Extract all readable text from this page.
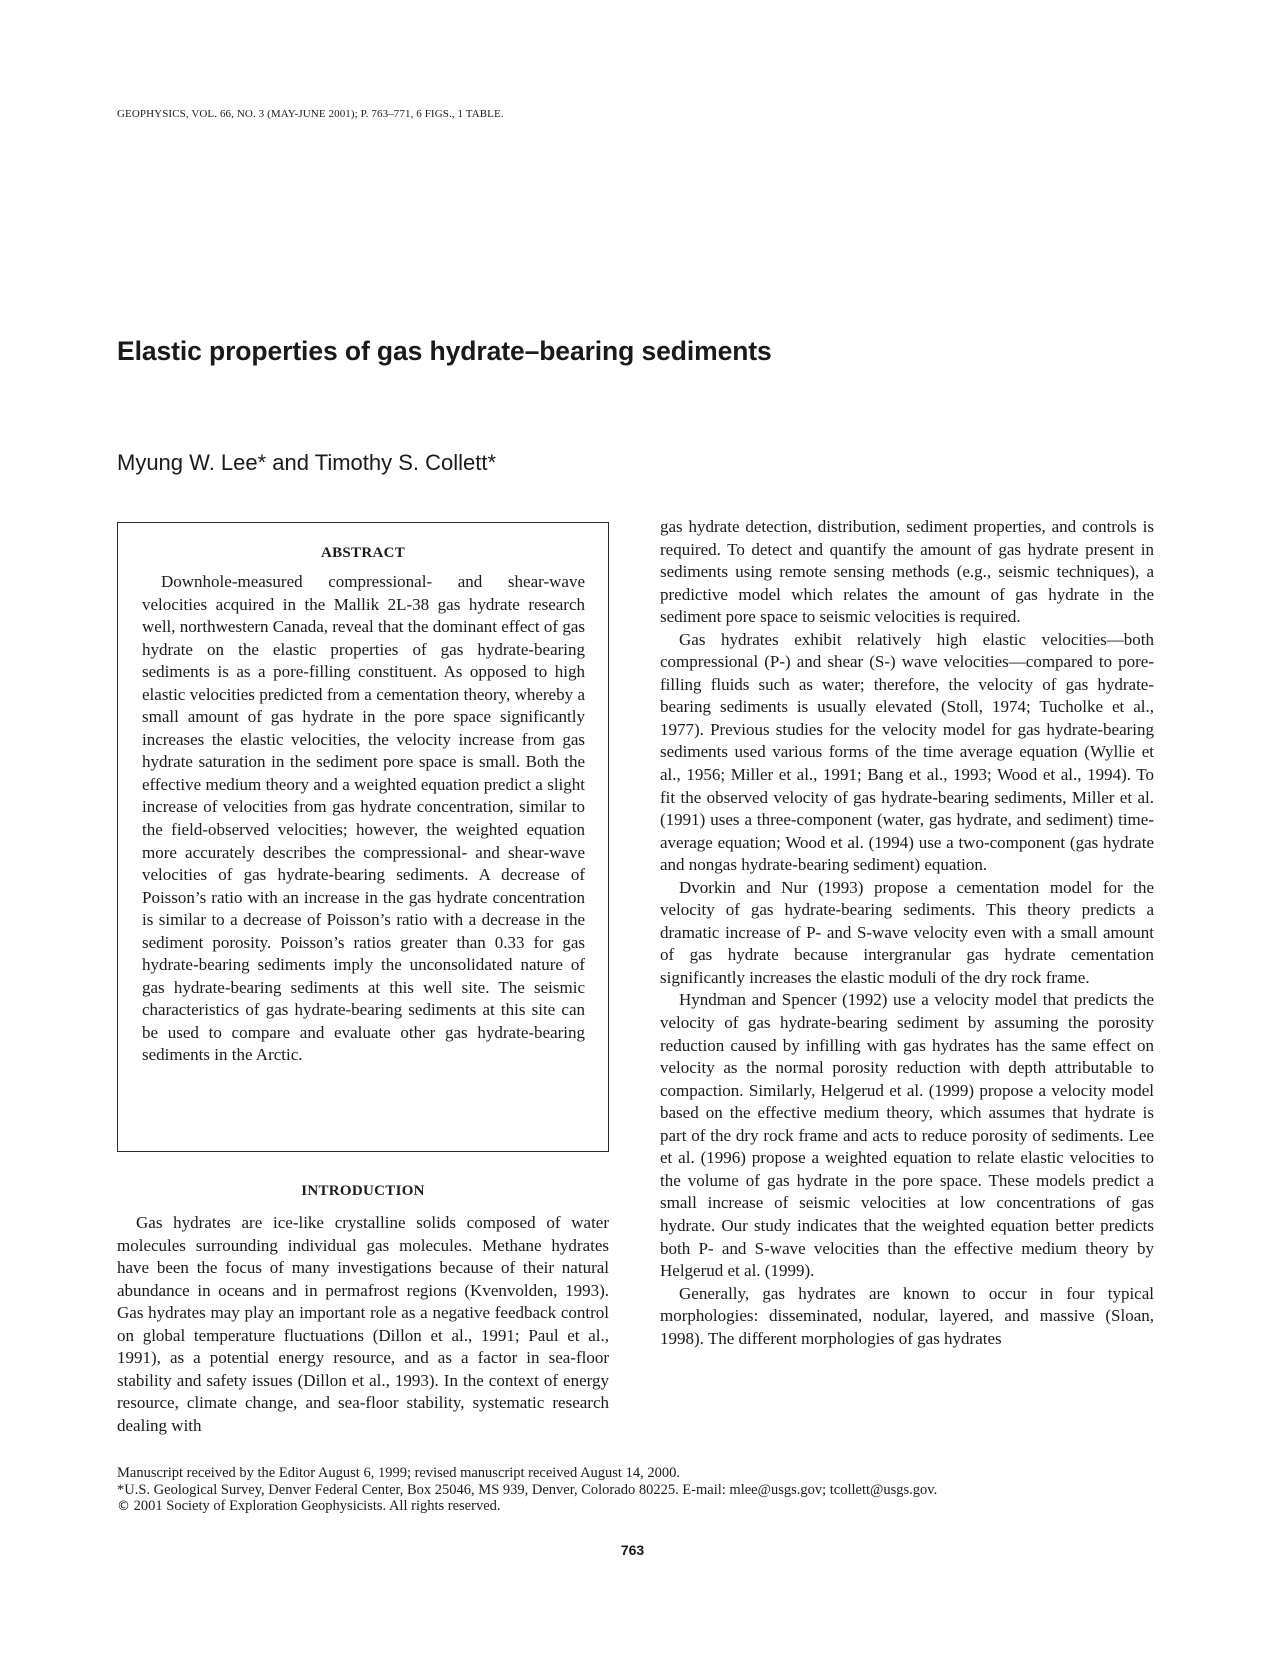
GEOPHYSICS, VOL. 66, NO. 3 (MAY-JUNE 2001); P. 763–771, 6 FIGS., 1 TABLE.
Elastic properties of gas hydrate–bearing sediments
Myung W. Lee* and Timothy S. Collett*
ABSTRACT

Downhole-measured compressional- and shear-wave velocities acquired in the Mallik 2L-38 gas hydrate research well, northwestern Canada, reveal that the dominant effect of gas hydrate on the elastic properties of gas hydrate-bearing sediments is as a pore-filling constituent. As opposed to high elastic velocities predicted from a cementation theory, whereby a small amount of gas hydrate in the pore space significantly increases the elastic velocities, the velocity increase from gas hydrate saturation in the sediment pore space is small. Both the effective medium theory and a weighted equation predict a slight increase of velocities from gas hydrate concentration, similar to the field-observed velocities; however, the weighted equation more accurately describes the compressional- and shear-wave velocities of gas hydrate-bearing sediments. A decrease of Poisson’s ratio with an increase in the gas hydrate concentration is similar to a decrease of Poisson’s ratio with a decrease in the sediment porosity. Poisson’s ratios greater than 0.33 for gas hydrate-bearing sediments imply the unconsolidated nature of gas hydrate-bearing sediments at this well site. The seismic characteristics of gas hydrate-bearing sediments at this site can be used to compare and evaluate other gas hydrate-bearing sediments in the Arctic.

INTRODUCTION

Gas hydrates are ice-like crystalline solids composed of water molecules surrounding individual gas molecules. Methane hydrates have been the focus of many investigations because of their natural abundance in oceans and in permafrost regions (Kvenvolden, 1993). Gas hydrates may play an important role as a negative feedback control on global temperature fluctuations (Dillon et al., 1991; Paul et al., 1991), as a potential energy resource, and as a factor in sea-floor stability and safety issues (Dillon et al., 1993). In the context of energy resource, climate change, and sea-floor stability, systematic research dealing with

gas hydrate detection, distribution, sediment properties, and controls is required. To detect and quantify the amount of gas hydrate present in sediments using remote sensing methods (e.g., seismic techniques), a predictive model which relates the amount of gas hydrate in the sediment pore space to seismic velocities is required.

Gas hydrates exhibit relatively high elastic velocities—both compressional (P-) and shear (S-) wave velocities—compared to pore-filling fluids such as water; therefore, the velocity of gas hydrate-bearing sediments is usually elevated (Stoll, 1974; Tucholke et al., 1977). Previous studies for the velocity model for gas hydrate-bearing sediments used various forms of the time average equation (Wyllie et al., 1956; Miller et al., 1991; Bang et al., 1993; Wood et al., 1994). To fit the observed velocity of gas hydrate-bearing sediments, Miller et al. (1991) uses a three-component (water, gas hydrate, and sediment) time-average equation; Wood et al. (1994) use a two-component (gas hydrate and nongas hydrate-bearing sediment) equation.

Dvorkin and Nur (1993) propose a cementation model for the velocity of gas hydrate-bearing sediments. This theory predicts a dramatic increase of P- and S-wave velocity even with a small amount of gas hydrate because intergranular gas hydrate cementation significantly increases the elastic moduli of the dry rock frame.

Hyndman and Spencer (1992) use a velocity model that predicts the velocity of gas hydrate-bearing sediment by assuming the porosity reduction caused by infilling with gas hydrates has the same effect on velocity as the normal porosity reduction with depth attributable to compaction. Similarly, Helgerud et al. (1999) propose a velocity model based on the effective medium theory, which assumes that hydrate is part of the dry rock frame and acts to reduce porosity of sediments. Lee et al. (1996) propose a weighted equation to relate elastic velocities to the volume of gas hydrate in the pore space. These models predict a small increase of seismic velocities at low concentrations of gas hydrate. Our study indicates that the weighted equation better predicts both P- and S-wave velocities than the effective medium theory by Helgerud et al. (1999).

Generally, gas hydrates are known to occur in four typical morphologies: disseminated, nodular, layered, and massive (Sloan, 1998). The different morphologies of gas hydrates

Manuscript received by the Editor August 6, 1999; revised manuscript received August 14, 2000.
*U.S. Geological Survey, Denver Federal Center, Box 25046, MS 939, Denver, Colorado 80225. E-mail: mlee@usgs.gov; tcollett@usgs.gov.
© 2001 Society of Exploration Geophysicists. All rights reserved.
763
